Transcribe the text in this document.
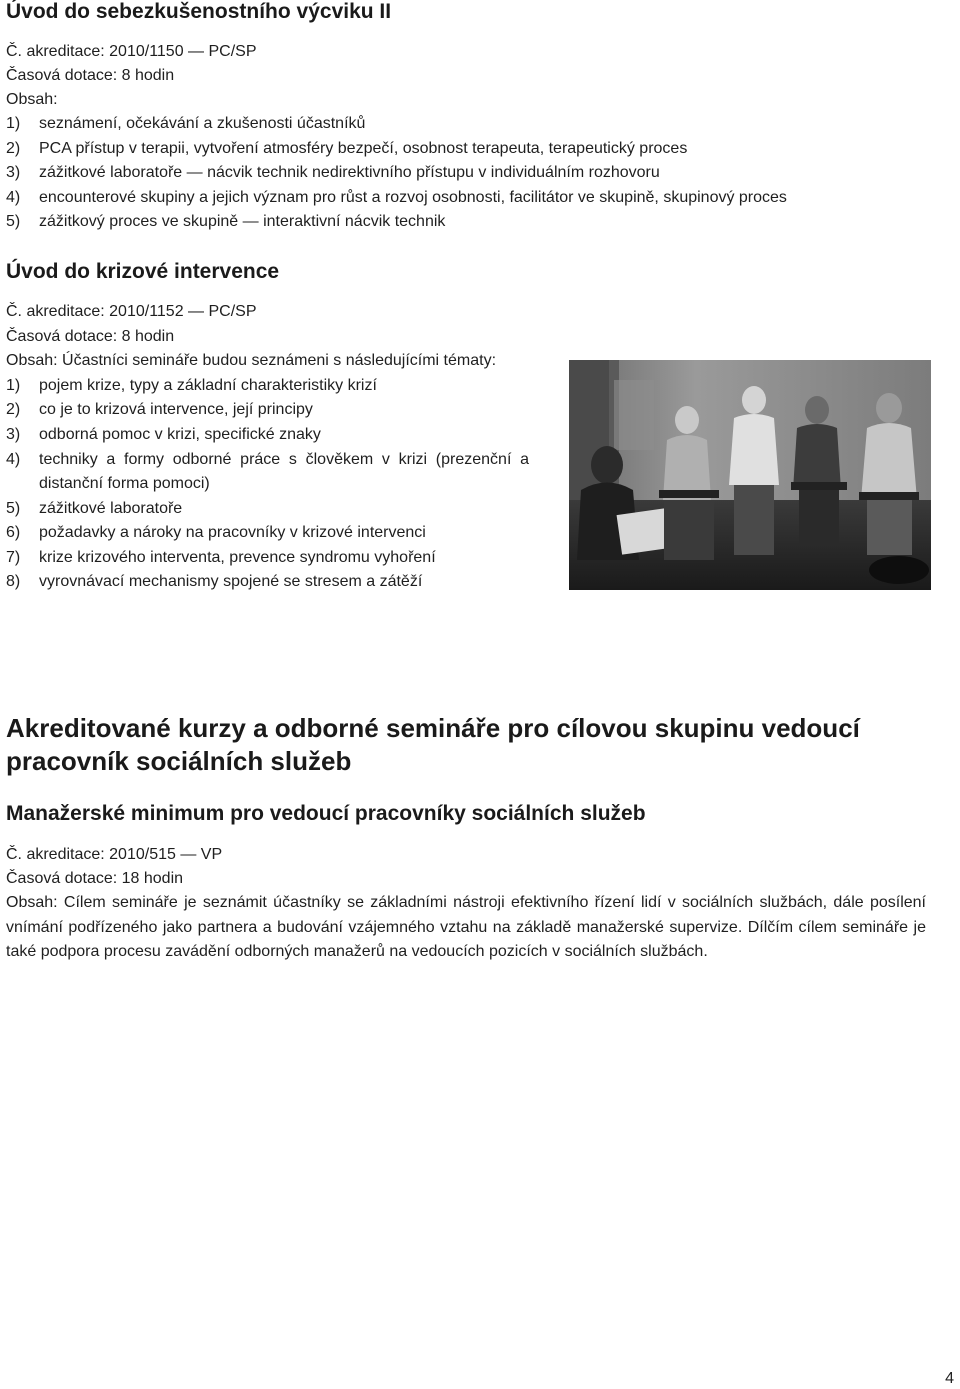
Úvod do sebezkušenostního výcviku II
Č. akreditace: 2010/1150 — PC/SP
Časová dotace: 8 hodin
Obsah:
1) seznámení, očekávání a zkušenosti účastníků
2) PCA přístup v terapii, vytvoření atmosféry bezpečí, osobnost terapeuta, terapeutický proces
3) zážitkové laboratoře — nácvik technik nedirektivního přístupu v individuálním rozhovoru
4) encounterové skupiny a jejich význam pro růst a rozvoj osobnosti, facilitátor ve skupině, skupinový proces
5) zážitkový proces ve skupině — interaktivní nácvik technik
Úvod do krizové intervence
Č. akreditace: 2010/1152 — PC/SP
Časová dotace: 8 hodin
Obsah: Účastníci semináře budou seznámeni s následujícími tématy:
1) pojem krize, typy a základní charakteristiky krizí
2) co je to krizová intervence, její principy
3) odborná pomoc v krizi, specifické znaky
4) techniky a formy odborné práce s člověkem v krizi (prezenční a distanční forma pomoci)
5) zážitkové laboratoře
6) požadavky a nároky na pracovníky v krizové intervenci
7) krize krizového interventa, prevence syndromu vyhoření
8) vyrovnávací mechanismy spojené se stresem a zátěží
Akreditované kurzy a odborné semináře pro cílovou skupinu vedoucí pracovník sociálních služeb
Manažerské minimum pro vedoucí pracovníky sociálních služeb
Č. akreditace: 2010/515 — VP
Časová dotace: 18 hodin
Obsah: Cílem semináře je seznámit účastníky se základními nástroji efektivního řízení lidí v sociálních službách, dále posílení vnímání podřízeného jako partnera a budování vzájemného vztahu na základě manažerské supervize. Dílčím cílem semináře je také podpora procesu zavádění odborných manažerů na vedoucích pozicích v sociálních službách.
4
